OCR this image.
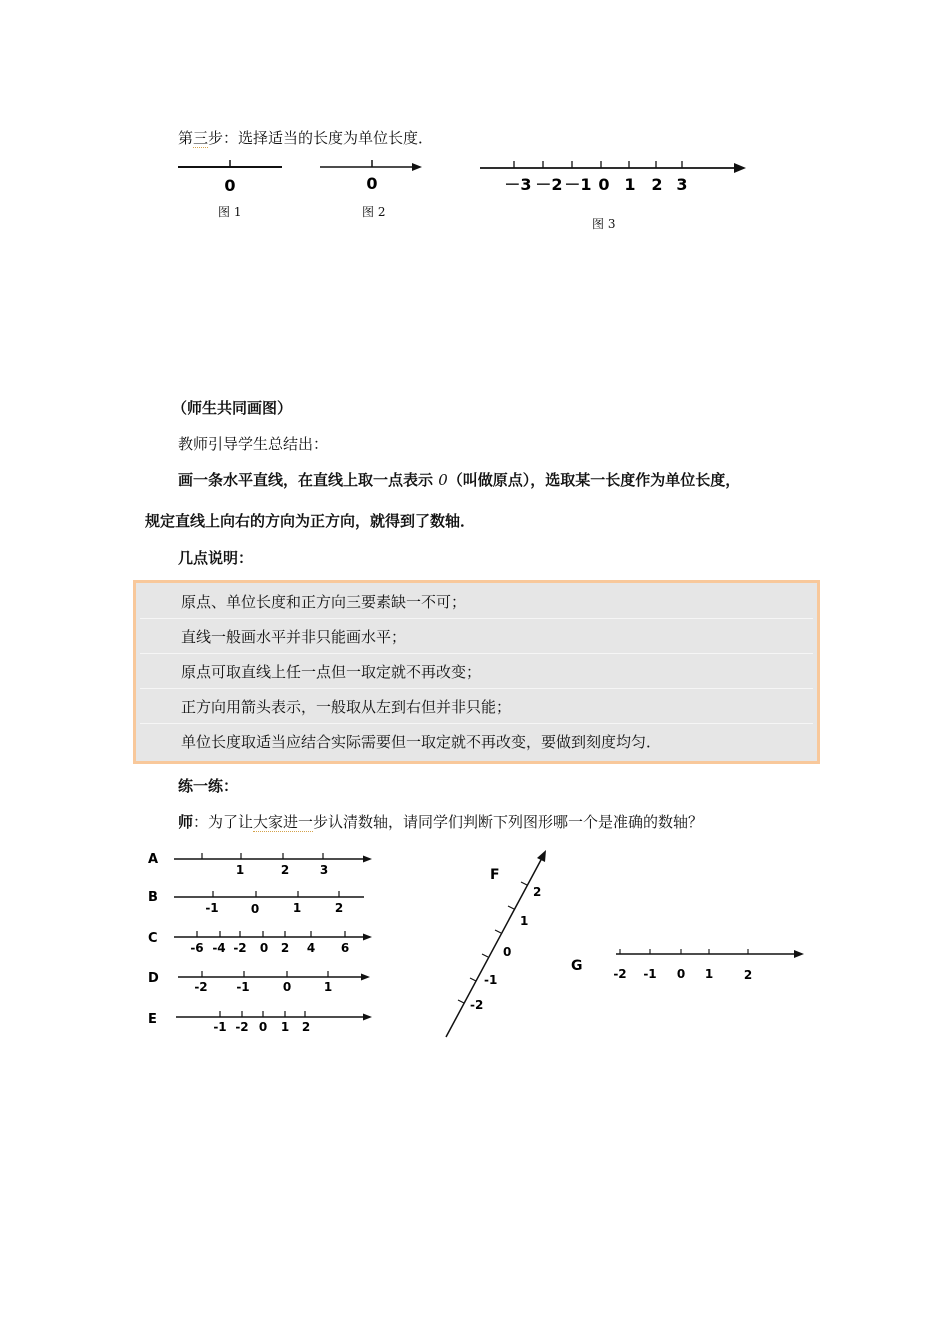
第三步：选择适当的长度为单位长度．
0	0	－3 －2 －1 0 1 2 3
图 1	图 2
图 3
（师生共同画图）
教师引导学生总结出：
画一条水平直线，在直线上取一点表示 0（叫做原点），选取某一长度作为单位长度，
规定直线上向右的方向为正方向，就得到了数轴．
几点说明：
原点、单位长度和正方向三要素缺一不可；
直线一般画水平并非只能画水平；
原点可取直线上任一点但一取定就不再改变；
正方向用箭头表示，一般取从左到右但并非只能；
单位长度取适当应结合实际需要但一取定就不再改变，要做到刻度均匀．
练一练：
师：为了让大家进一步认清数轴，请同学们判断下列图形哪一个是准确的数轴？
A
1	2	3
B
-1	0	1	2
C
-6 -4 -2 0 2 4 6
D
-2 -1	0	1
E	-1 -2 0 1 2
F
2
1
0
-1
-2
G	-2 -1 0 1	2
